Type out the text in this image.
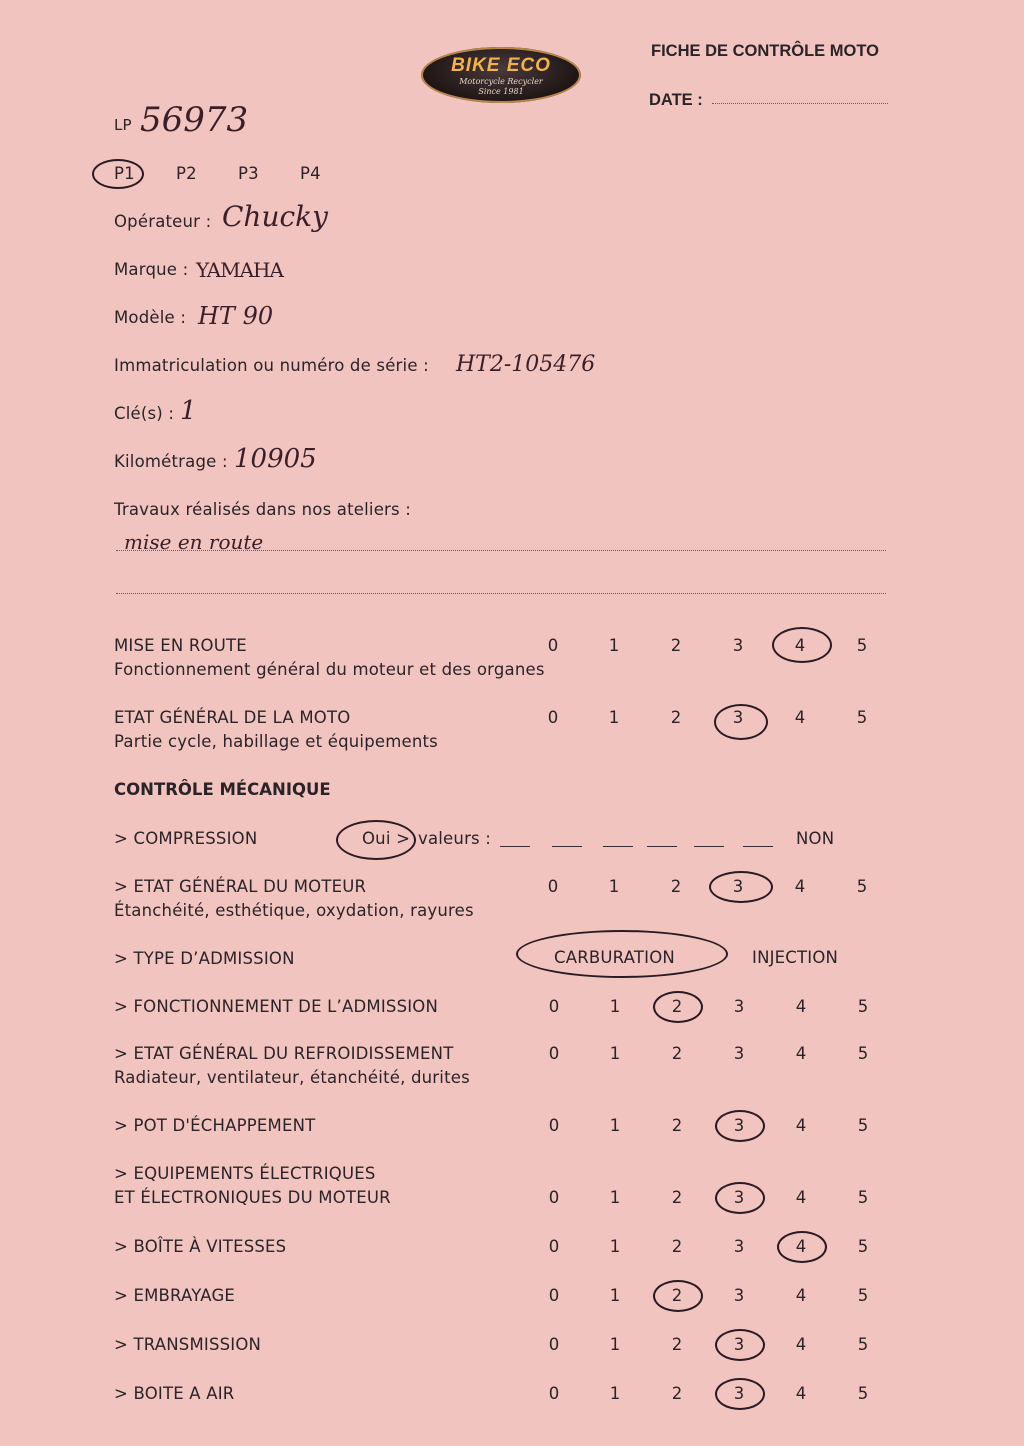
BIKE ECO
Motorcycle Recycler
Since 1981
FICHE DE CONTRÔLE MOTO
DATE :
LP 56973
P1 P2 P3 P4
Opérateur : Chucky
Marque : YAMAHA
Modèle : HT 90
Immatriculation ou numéro de série : HT2-105476
Clé(s) : 1
Kilométrage : 10905
Travaux réalisés dans nos ateliers :
mise en route
MISE EN ROUTE
Fonctionnement général du moteur et des organes
0	1	2	3	4	5
ETAT GÉNÉRAL DE LA MOTO
Partie cycle, habillage et équipements
0	1	2	3	4	5
CONTRÔLE MÉCANIQUE
> COMPRESSION	Oui > valeurs :	NON
> ETAT GÉNÉRAL DU MOTEUR
Étanchéité, esthétique, oxydation, rayures
0	1	2	3	4	5
> TYPE D’ADMISSION	CARBURATION	INJECTION
> FONCTIONNEMENT DE L’ADMISSION	0	1	2	3	4	5
> ETAT GÉNÉRAL DU REFROIDISSEMENT
Radiateur, ventilateur, étanchéité, durites
0	1	2	3	4	5
> POT D'ÉCHAPPEMENT	0	1	2	3	4	5
> EQUIPEMENTS ÉLECTRIQUES
ET ÉLECTRONIQUES DU MOTEUR	0	1	2	3	4	5
> BOÎTE À VITESSES	0	1	2	3	4	5
> EMBRAYAGE	0	1	2	3	4	5
> TRANSMISSION	0	1	2	3	4	5
> BOITE A AIR	0	1	2	3	4	5
